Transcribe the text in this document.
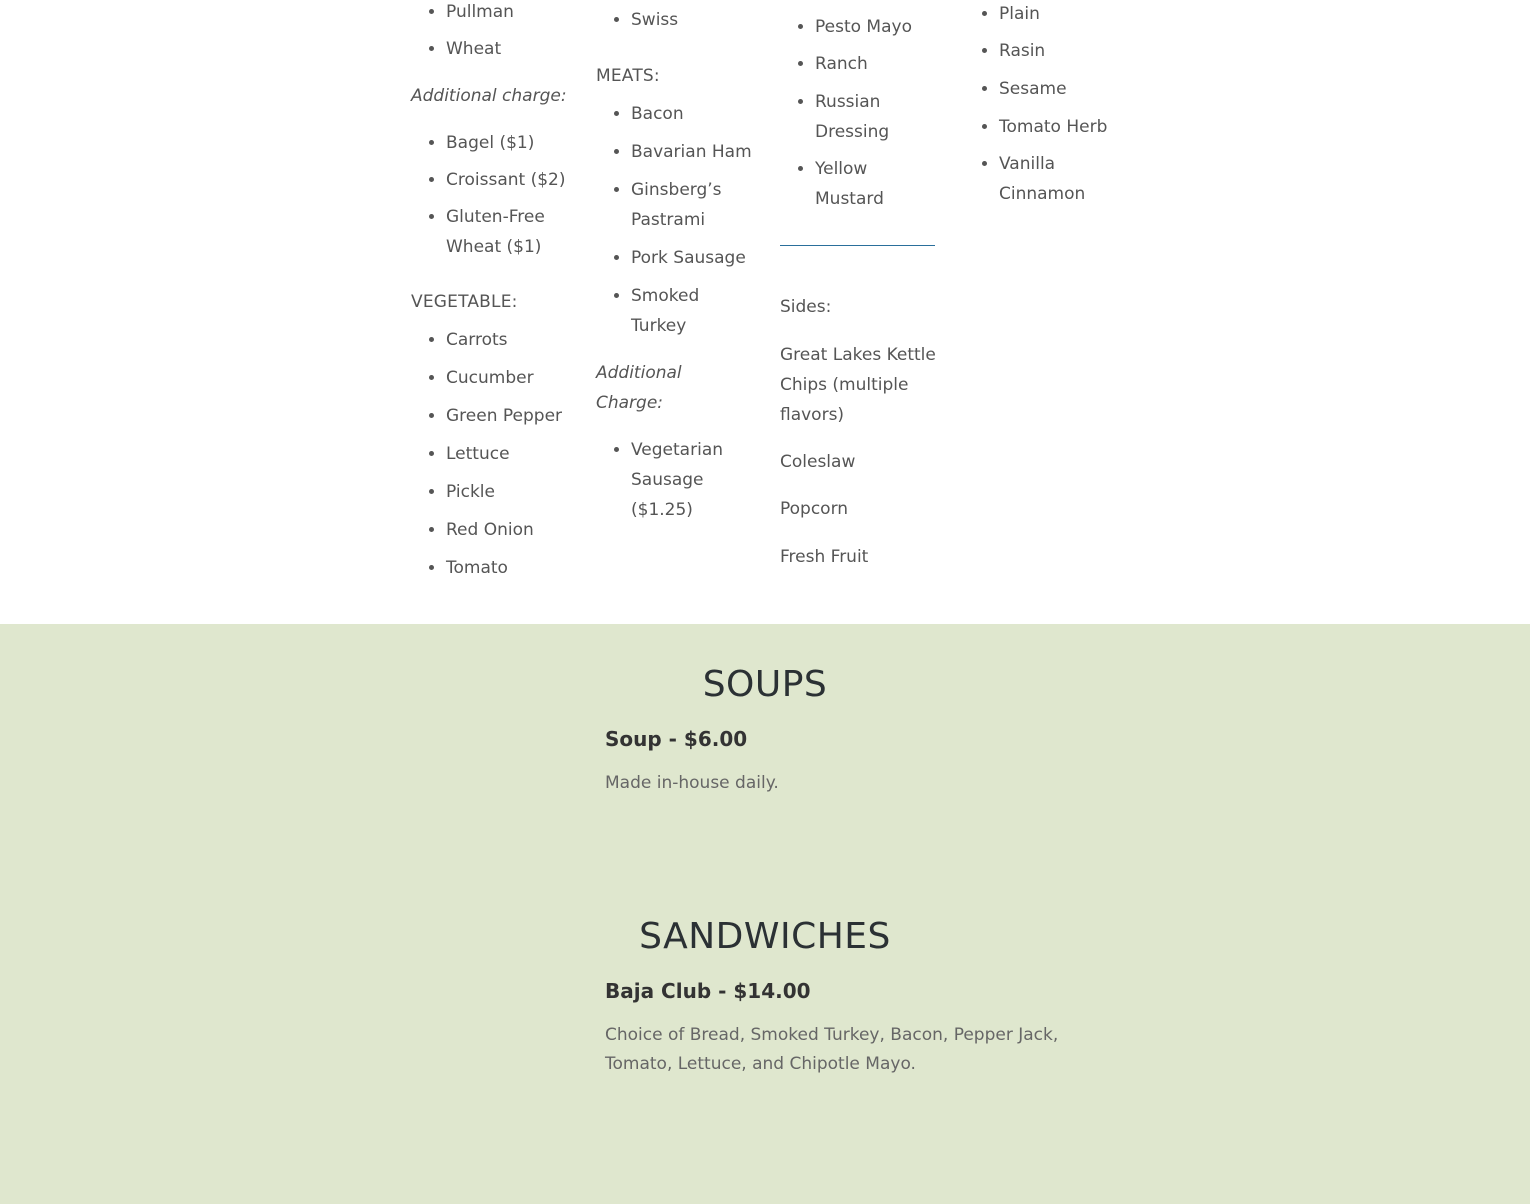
• Pullman
• Wheat

Additional charge:

• Bagel ($1)
• Croissant ($2)
• Gluten-Free Wheat ($1)

VEGETABLE:

• Carrots
• Cucumber
• Green Pepper
• Lettuce
• Pickle
• Red Onion
• Tomato
• Swiss

MEATS:

• Bacon
• Bavarian Ham
• Ginsberg’s Pastrami
• Pork Sausage
• Smoked Turkey

Additional Charge:

• Vegetarian Sausage ($1.25)
• Pesto Mayo
• Ranch
• Russian Dressing
• Yellow Mustard

Sides:

Great Lakes Kettle Chips (multiple flavors)

Coleslaw

Popcorn

Fresh Fruit

• Plain
• Rasin
• Sesame
• Tomato Herb
• Vanilla Cinnamon
SOUPS
Soup - $6.00
Made in-house daily.
SANDWICHES
Baja Club - $14.00
Choice of Bread, Smoked Turkey, Bacon, Pepper Jack, Tomato, Lettuce, and Chipotle Mayo.
